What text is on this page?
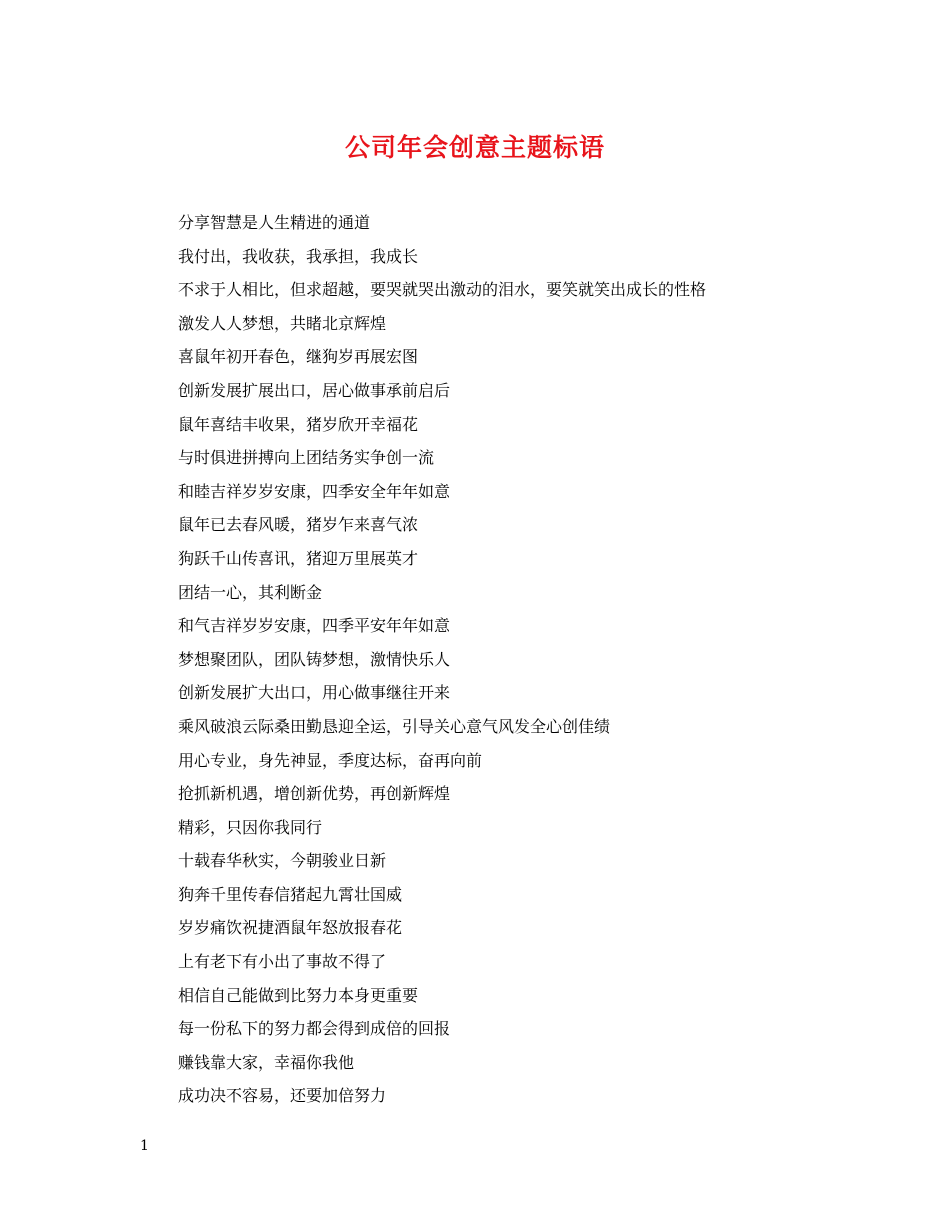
公司年会创意主题标语
分享智慧是人生精进的通道
我付出，我收获，我承担，我成长
不求于人相比，但求超越，要哭就哭出激动的泪水，要笑就笑出成长的性格
激发人人梦想，共睹北京辉煌
喜鼠年初开春色，继狗岁再展宏图
创新发展扩展出口，居心做事承前启后
鼠年喜结丰收果，猪岁欣开幸福花
与时俱进拼搏向上团结务实争创一流
和睦吉祥岁岁安康，四季安全年年如意
鼠年已去春风暖，猪岁乍来喜气浓
狗跃千山传喜讯，猪迎万里展英才
团结一心，其利断金
和气吉祥岁岁安康，四季平安年年如意
梦想聚团队，团队铸梦想，激情快乐人
创新发展扩大出口，用心做事继往开来
乘风破浪云际桑田勤恳迎全运，引导关心意气风发全心创佳绩
用心专业，身先神显，季度达标，奋再向前
抢抓新机遇，增创新优势，再创新辉煌
精彩，只因你我同行
十载春华秋实，今朝骏业日新
狗奔千里传春信猪起九霄壮国威
岁岁痛饮祝捷酒鼠年怒放报春花
上有老下有小出了事故不得了
相信自己能做到比努力本身更重要
每一份私下的努力都会得到成倍的回报
赚钱靠大家，幸福你我他
成功决不容易，还要加倍努力
1
